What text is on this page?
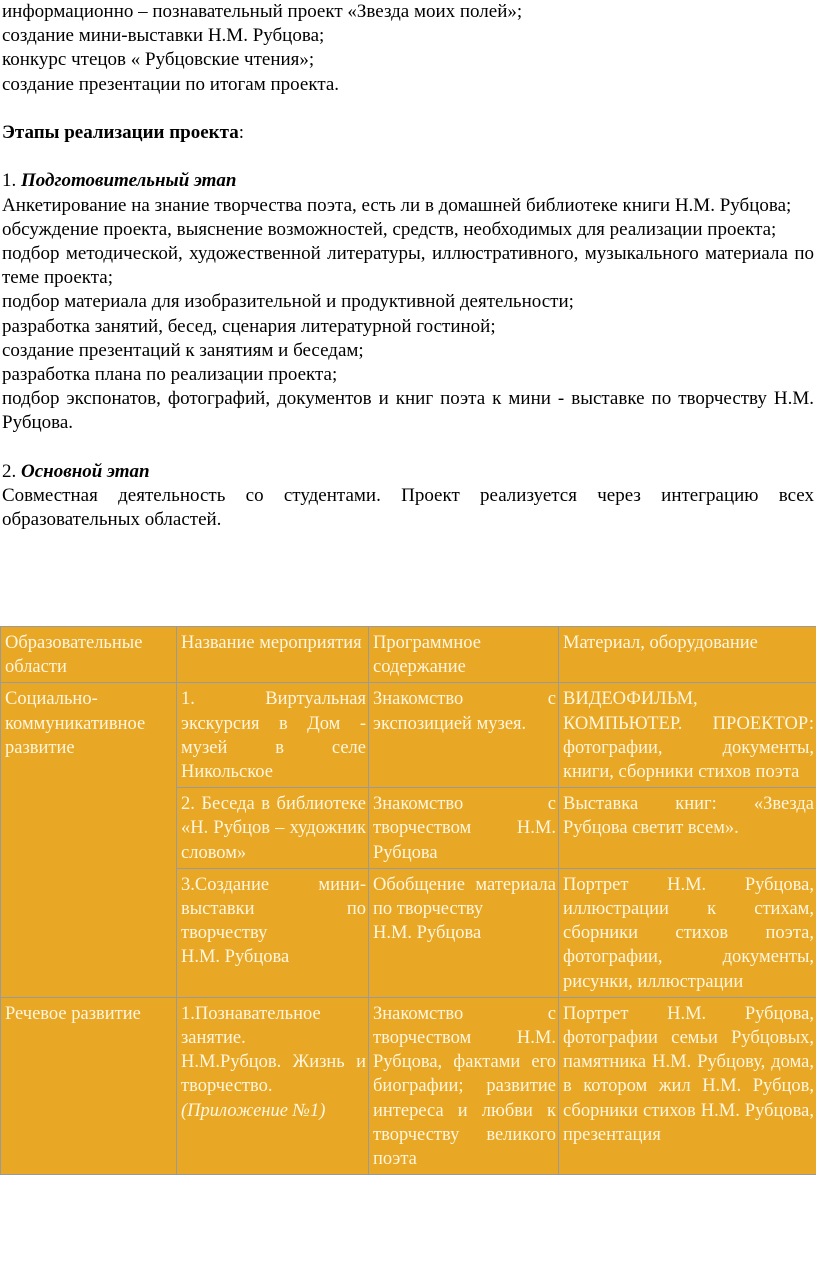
информационно – познавательный проект «Звезда моих полей»;

создание мини-выставки Н.М. Рубцова;

конкурс чтецов « Рубцовские чтения»;

создание презентации по итогам проекта.

Этапы реализации проекта:

1. Подготовительный этап

Анкетирование на знание творчества поэта, есть ли в домашней библиотеке книги Н.М. Рубцова;

обсуждение проекта, выяснение возможностей, средств, необходимых для реализации проекта;

подбор методической, художественной литературы, иллюстративного, музыкального материала по теме проекта;

подбор материала для изобразительной и продуктивной деятельности;

разработка занятий, бесед, сценария литературной гостиной;

создание презентаций к занятиям и беседам;

разработка плана по реализации проекта;

подбор экспонатов, фотографий, документов и книг поэта к мини - выставке по творчеству Н.М. Рубцова.

2. Основной этап

Совместная деятельность со студентами. Проект реализуется через интеграцию всех образовательных областей.

Образовательные области	Название мероприятия	Программное содержание	Материал, оборудование
Социально-коммуникативное развитие	1. Виртуальная экскурсия в Дом - музей в селе Никольское	Знакомство с экспозицией музея.	ВИДЕОФИЛЬМ, КОМПЬЮТЕР. ПРОЕКТОР: фотографии, документы, книги, сборники стихов поэта
	2. Беседа в библиотеке «Н. Рубцов – художник словом»	Знакомство с творчеством Н.М. Рубцова	Выставка книг: «Звезда Рубцова светит всем».
	3.Создание мини-выставки по творчеству
Н.М. Рубцова	Обобщение материала по творчеству
Н.М. Рубцова	Портрет Н.М. Рубцова, иллюстрации к стихам, сборники стихов поэта, фотографии, документы, рисунки, иллюстрации
Речевое развитие	1.Познавательное занятие.
Н.М.Рубцов. Жизнь и творчество.
(Приложение №1)	Знакомство с творчеством Н.М. Рубцова, фактами его биографии; развитие интереса и любви к творчеству великого поэта	Портрет Н.М. Рубцова, фотографии семьи Рубцовых, памятника Н.М. Рубцову, дома, в котором жил Н.М. Рубцов, сборники стихов Н.М. Рубцова, презентация
